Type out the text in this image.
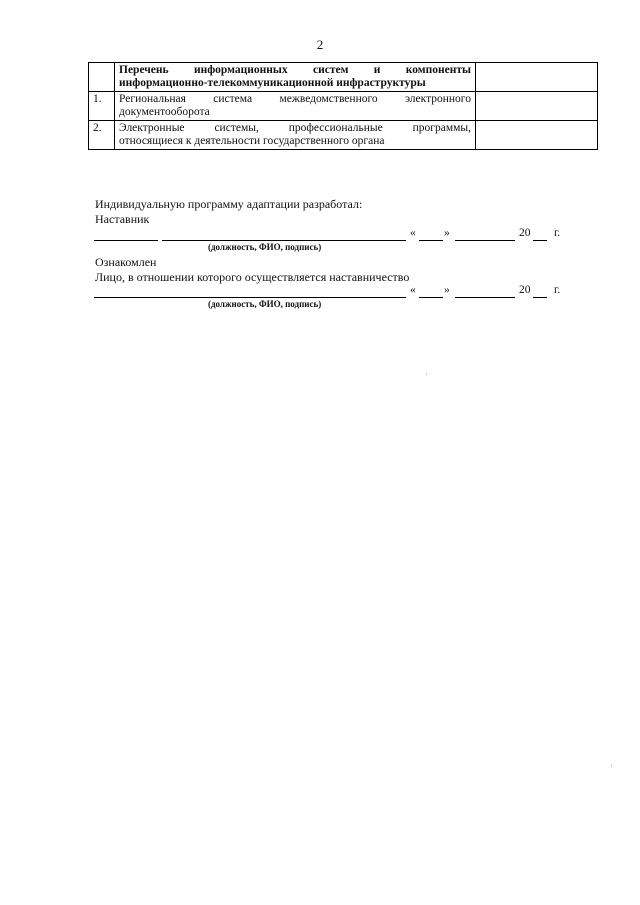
2

	Перечень информационных систем и компоненты
информационно-телекоммуникационной инфраструктуры	

1.	Региональная система межведомственного электронного
документооборота	

2.	Электронные системы, профессиональные программы,
относящиеся к деятельности государственного органа	

Индивидуальную программу адаптации разработал:
Наставник
« »	20 г.
(должность, ФИО, подпись)
Ознакомлен
Лицо, в отношении которого осуществляется наставничество
« »	20 г.
(должность, ФИО, подпись)
